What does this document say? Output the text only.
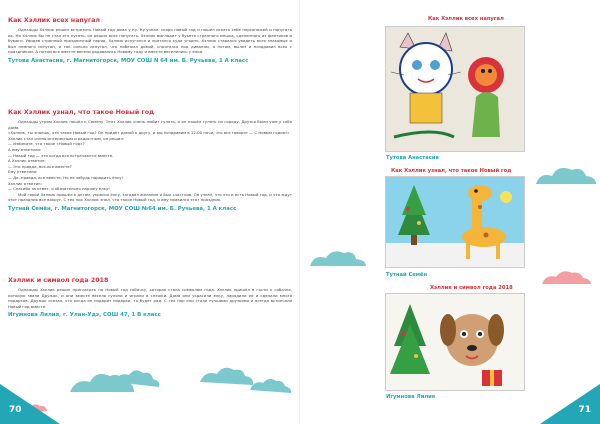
Как Хэллик всех напугал

Однажды Хэллик решил встретить Новый год дома у Ку. Ку узнал: скоро новый год и пошёл искать себе персонажей и напугать их. Но Хэллик бы не стал его пугать, он решил всех напугать. Хэллик выглядит у букета странного мешка, сделанного из фантиков и бумаги. Увидев странный праздничный наряд, Хэллик испугался и прятался куда угодно. Хэллик старался увидеть всех знакомых и был немного испуган, и так сильно испугал, что побежал домой, спрятался под диваном, а потом, вылез и поздравил всех с праздником. А потом все вместе весело радовались Новому году и вместе веселились у ёлки.

Тутова Анастасия, г. Магнитогорск, МОУ СОШ N 64 им. Б. Ручьева, 1 А класс
Как Хэллик узнал, что такое Новый год

Однажды утром Хэллик пошёл к Семёну. Этот Хэллик очень любит гулять, и он пошёл гулять по городу. Друзья были уже у себя дома.

«Хэллик, ты знаешь, что такое Новый год? Он придёт домой к другу, и мы поздравим в 12:00 ночи, что все говорят — С Новым годом!»
Хэллик стал очень интересным и радостным, он решил:
— Извините, что такое «Новый год»?
А ему ответили:
— Новый год — это когда все встречаются вместе.
А Хэллик ответил:
— Это правда, все-все вместе?
Ему ответили:
— Да, правда, все вместе. Но не забудь нарядить ёлку!
Хэллик ответил:
— Спасибо за ответ, я обязательно наряжу ёлку!

Мой герой Хэллик пришёл к детям, украсил ёлку, загадал желание и был счастлив. Он узнал, что это и есть Новый год, и что ждут этот праздник все вокруг. С тех пор Хэллик знал, что такое Новый год, и ему нравился этот праздник.

Тутнай Семён, г. Магнитогорск, МОУ СОШ №64 им. Б. Ручьева, 1 А класс
Хэллик и символ года 2018

Однажды Хэллик решил пригласить на Новый год собачку, которая стала символом года. Хэллик пришёл в гости к собачке, которую звали Дружок, и они вместе весело гуляли и играли в снежки. Дома они украсили ёлку, нарядили её и сделали много подарков. Дружок сказал, что когда он подарит подарки, то будет рад. С тех пор они стали лучшими друзьями и всегда встречали Новый год вместе.

Игумнова Лилия, г. Улан-Удэ, СОШ 47, 1 В класс
70
Как Хэллик всех напугал
Тутова Анастасия
Как Хэллик узнал, что такое Новый год
Тутнай Семён
Хэллик и символ года 2018
Игумнова Лилия
71
